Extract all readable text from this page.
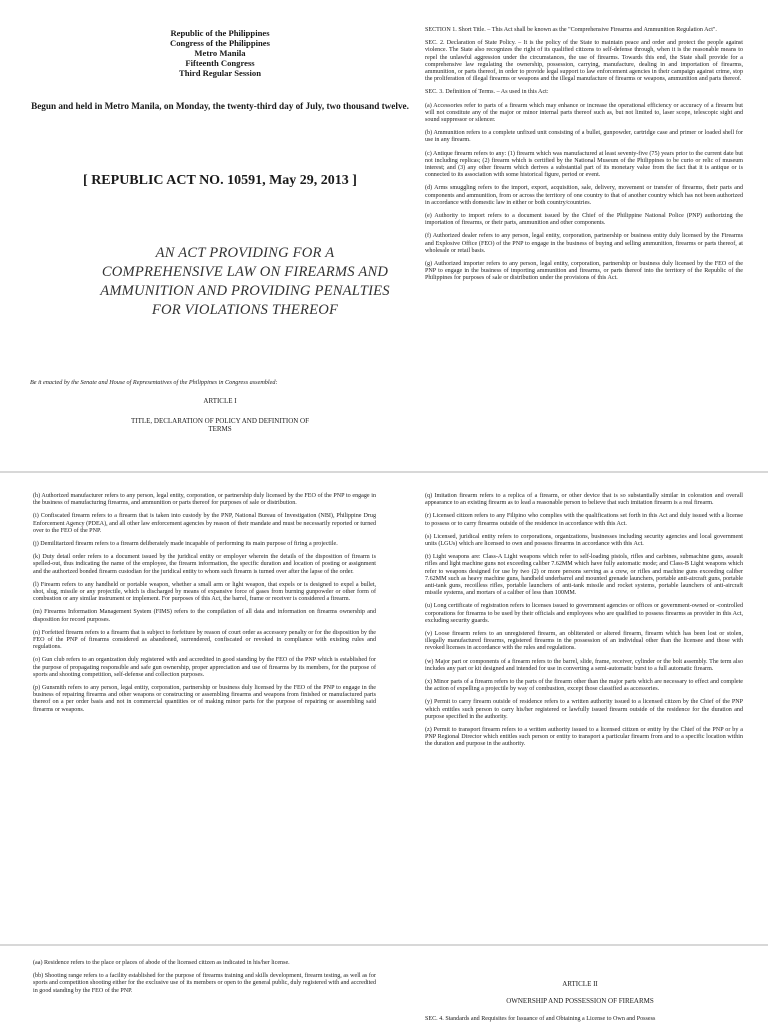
Republic of the Philippines
Congress of the Philippines
Metro Manila
Fifteenth Congress
Third Regular Session
Begun and held in Metro Manila, on Monday, the twenty-third day of July, two thousand twelve.
[ REPUBLIC ACT NO. 10591, May 29, 2013 ]
AN ACT PROVIDING FOR A COMPREHENSIVE LAW ON FIREARMS AND AMMUNITION AND PROVIDING PENALTIES FOR VIOLATIONS THEREOF
Be it enacted by the Senate and House of Representatives of the Philippines in Congress assembled:
ARTICLE I
TITLE, DECLARATION OF POLICY AND DEFINITION OF TERMS

SECTION 1. Short Title. – This Act shall be known as the "Comprehensive Firearms and Ammunition Regulation Act".

SEC. 2. Declaration of State Policy. – It is the policy of the State to maintain peace and order and protect the people against violence. The State also recognizes the right of its qualified citizens to self-defense through, when it is the reasonable means to repel the unlawful aggression under the circumstances, the use of firearms. Towards this end, the State shall provide for a comprehensive law regulating the ownership, possession, carrying, manufacture, dealing in and importation of firearms, ammunition, or parts thereof, in order to provide legal support to law enforcement agencies in their campaign against crime, stop the proliferation of illegal firearms or weapons and the illegal manufacture of firearms or weapons, ammunition and parts thereof.

SEC. 3. Definition of Terms. – As used in this Act:

(a) Accessories refer to parts of a firearm which may enhance or increase the operational efficiency or accuracy of a firearm but will not constitute any of the major or minor internal parts thereof such as, but not limited to, laser scope, telescopic sight and sound suppressor or silencer.

(b) Ammunition refers to a complete unfixed unit consisting of a bullet, gunpowder, cartridge case and primer or loaded shell for use in any firearm.

(c) Antique firearm refers to any: (1) firearm which was manufactured at least seventy-five (75) years prior to the current date but not including replicas; (2) firearm which is certified by the National Museum of the Philippines to be curio or relic of museum interest; and (3) any other firearm which derives a substantial part of its monetary value from the fact that it is antique or is connected to its association with some historical figure, period or event.

(d) Arms smuggling refers to the import, export, acquisition, sale, delivery, movement or transfer of firearms, their parts and components and ammunition, from or across the territory of one country to that of another country which has not been authorized in accordance with domestic law in either or both country/countries.

(e) Authority to import refers to a document issued by the Chief of the Philippine National Police (PNP) authorizing the importation of firearms, or their parts, ammunition and other components.

(f) Authorized dealer refers to any person, legal entity, corporation, partnership or business entity duly licensed by the Firearms and Explosive Office (FEO) of the PNP to engage in the business of buying and selling ammunition, firearms or parts thereof, at wholesale or retail basis.

(g) Authorized importer refers to any person, legal entity, corporation, partnership or business duly licensed by the FEO of the PNP to engage in the business of importing ammunition and firearms, or parts thereof into the territory of the Republic of the Philippines for purposes of sale or distribution under the provisions of this Act.

(h) Authorized manufacturer refers to any person, legal entity, corporation, or partnership duly licensed by the FEO of the PNP to engage in the business of manufacturing firearms, and ammunition or parts thereof for purposes of sale or distribution.

(i) Confiscated firearm refers to a firearm that is taken into custody by the PNP, National Bureau of Investigation (NBI), Philippine Drug Enforcement Agency (PDEA), and all other law enforcement agencies by reason of their mandate and must be necessarily reported or turned over to the FEO of the PNP.

(j) Demilitarized firearm refers to a firearm deliberately made incapable of performing its main purpose of firing a projectile.

(k) Duty detail order refers to a document issued by the juridical entity or employer wherein the details of the disposition of firearm is spelled-out, thus indicating the name of the employee, the firearm information, the specific duration and location of posting or assignment and the authorized bonded firearm custodian for the juridical entity to whom such firearm is turned over after the lapse of the order.

(l) Firearm refers to any handheld or portable weapon, whether a small arm or light weapon, that expels or is designed to expel a bullet, shot, slug, missile or any projectile, which is discharged by means of expansive force of gases from burning gunpowder or other form of combustion or any similar instrument or implement. For purposes of this Act, the barrel, frame or receiver is considered a firearm.

(m) Firearms Information Management System (FIMS) refers to the compilation of all data and information on firearms ownership and disposition for record purposes.

(n) Forfeited firearm refers to a firearm that is subject to forfeiture by reason of court order as accessory penalty or for the disposition by the FEO of the PNP of firearms considered as abandoned, surrendered, confiscated or revoked in compliance with existing rules and regulations.

(o) Gun club refers to an organization duly registered with and accredited in good standing by the FEO of the PNP which is established for the purpose of propagating responsible and safe gun ownership, proper appreciation and use of firearms by its members, for the purpose of sports and shooting competition, self-defense and collection purposes.

(p) Gunsmith refers to any person, legal entity, corporation, partnership or business duly licensed by the FEO of the PNP to engage in the business of repairing firearms and other weapons or constructing or assembling firearms and weapons from finished or manufactured parts thereof on a per order basis and not in commercial quantities or of making minor parts for the purpose of repairing or assembling said firearms or weapons.

(q) Imitation firearm refers to a replica of a firearm, or other device that is so substantially similar in coloration and overall appearance to an existing firearm as to lead a reasonable person to believe that such imitation firearm is a real firearm.

(r) Licensed citizen refers to any Filipino who complies with the qualifications set forth in this Act and duly issued with a license to possess or to carry firearms outside of the residence in accordance with this Act.

(s) Licensed, juridical entity refers to corporations, organizations, businesses including security agencies and local government units (LGUs) which are licensed to own and possess firearms in accordance with this Act.

(t) Light weapons are: Class-A Light weapons which refer to self-loading pistols, rifles and carbines, submachine guns, assault rifles and light machine guns not exceeding caliber 7.62MM which have fully automatic mode; and Class-B Light weapons which refer to weapons designed for use by two (2) or more persons serving as a crew, or rifles and machine guns exceeding caliber 7.62MM such as heavy machine guns, handheld underbarrel and mounted grenade launchers, portable anti-aircraft guns, portable anti-tank guns, recoilless rifles, portable launchers of anti-tank missile and rocket systems, portable launchers of anti-aircraft missile systems, and mortars of a caliber of less than 100MM.

(u) Long certificate of registration refers to licenses issued to government agencies or offices or government-owned or -controlled corporations for firearms to be used by their officials and employees who are qualified to possess firearms as provider in this Act, excluding security guards.

(v) Loose firearm refers to an unregistered firearm, an obliterated or altered firearm, firearm which has been lost or stolen, illegally manufactured firearms, registered firearms in the possession of an individual other than the licensee and those with revoked licenses in accordance with the rules and regulations.

(w) Major part or components of a firearm refers to the barrel, slide, frame, receiver, cylinder or the bolt assembly. The term also includes any part or kit designed and intended for use in converting a semi-automatic burst to a full automatic firearm.

(x) Minor parts of a firearm refers to the parts of the firearm other than the major parts which are necessary to effect and complete the action of expelling a projectile by way of combustion, except those classified as accessories.

(y) Permit to carry firearm outside of residence refers to a written authority issued to a licensed citizen by the Chief of the PNP which entitles such person to carry his/her registered or lawfully issued firearm outside of the residence for the duration and purpose specified in the authority.

(z) Permit to transport firearm refers to a written authority issued to a licensed citizen or entity by the Chief of the PNP or by a PNP Regional Director which entitles such person or entity to transport a particular firearm from and to a specific location within the duration and purpose in the authority.

(aa) Residence refers to the place or places of abode of the licensed citizen as indicated in his/her license.

(bb) Shooting range refers to a facility established for the purpose of firearms training and skills development, firearm testing, as well as for sports and competition shooting either for the exclusive use of its members or open to the general public, duly registered with and accredited in good standing by the FEO of the PNP.

ARTICLE II
OWNERSHIP AND POSSESSION OF FIREARMS

SEC. 4. Standards and Requisites for Issuance of and Obtaining a License to Own and Possess
